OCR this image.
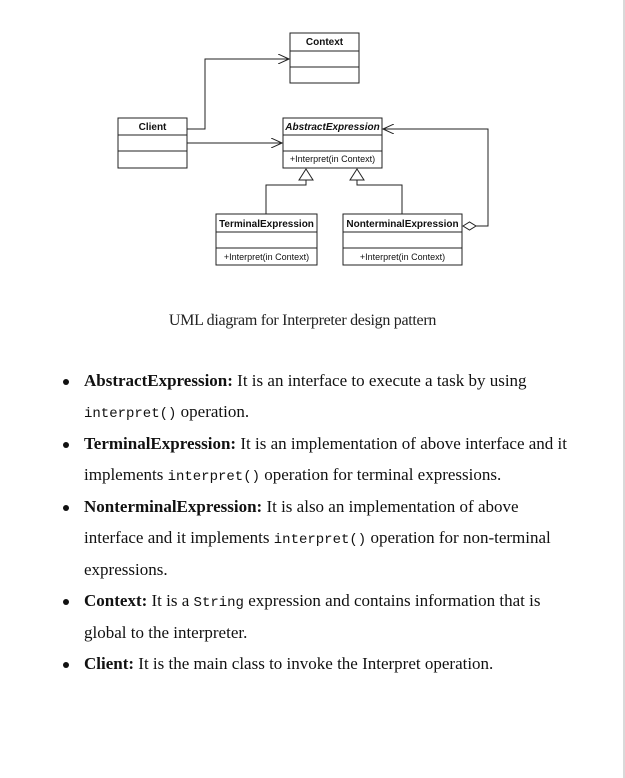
Context
Client	AbstractExpression
+Interpret(in Context)
TerminalExpression
+Interpret(in Context)
NonterminalExpression
+Interpret(in Context)
UML diagram for Interpreter design pattern
AbstractExpression: It is an interface to execute a task by using interpret() operation.
TerminalExpression: It is an implementation of above interface and it implements interpret() operation for terminal expressions.
NonterminalExpression: It is also an implementation of above interface and it implements interpret() operation for non-terminal expressions.
Context: It is a String expression and contains information that is global to the interpreter.
Client: It is the main class to invoke the Interpret operation.
